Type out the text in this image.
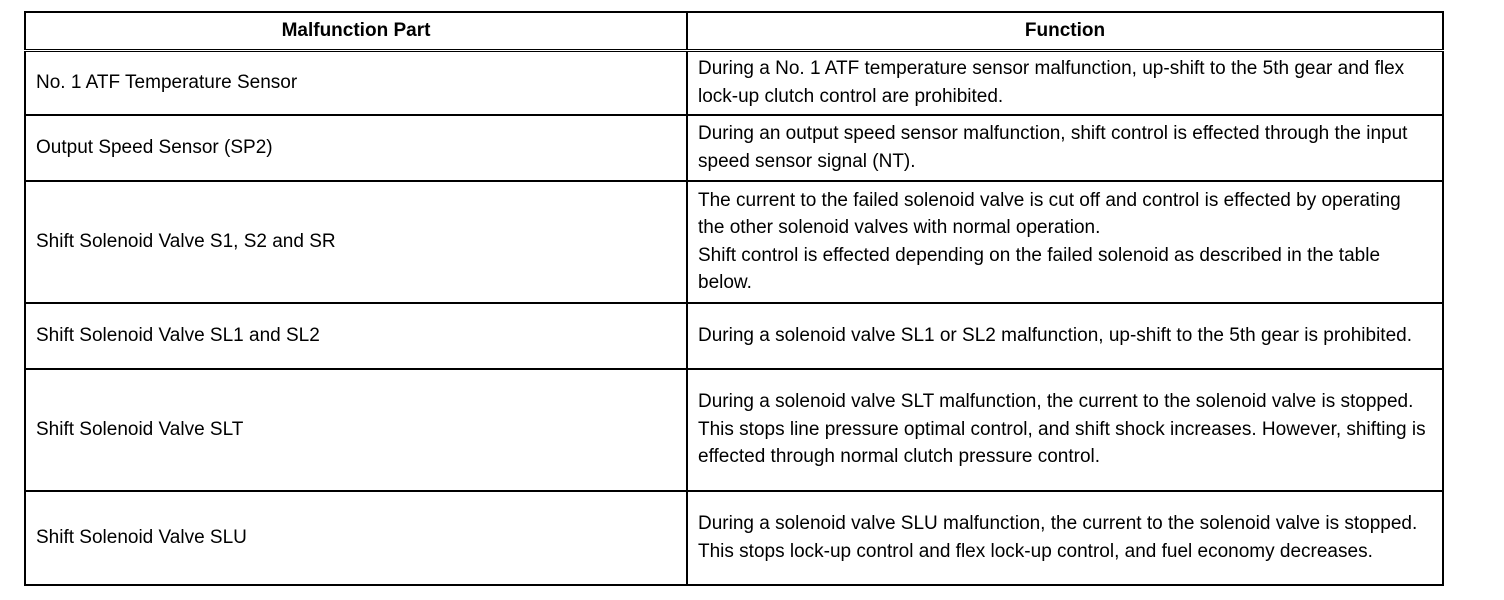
Malfunction Part	Function
No. 1 ATF Temperature Sensor	During a No. 1 ATF temperature sensor malfunction, up-shift to the 5th gear and flex lock-up clutch control are prohibited.

Output Speed Sensor (SP2)	During an output speed sensor malfunction, shift control is effected through the input speed sensor signal (NT).

Shift Solenoid Valve S1, S2 and SR	The current to the failed solenoid valve is cut off and control is effected by operating the other solenoid valves with normal operation.
Shift control is effected depending on the failed solenoid as described in the table below.

Shift Solenoid Valve SL1 and SL2	During a solenoid valve SL1 or SL2 malfunction, up-shift to the 5th gear is prohibited.

Shift Solenoid Valve SLT	During a solenoid valve SLT malfunction, the current to the solenoid valve is stopped. This stops line pressure optimal control, and shift shock increases. However, shifting is effected through normal clutch pressure control.

Shift Solenoid Valve SLU	During a solenoid valve SLU malfunction, the current to the solenoid valve is stopped. This stops lock-up control and flex lock-up control, and fuel economy decreases.
